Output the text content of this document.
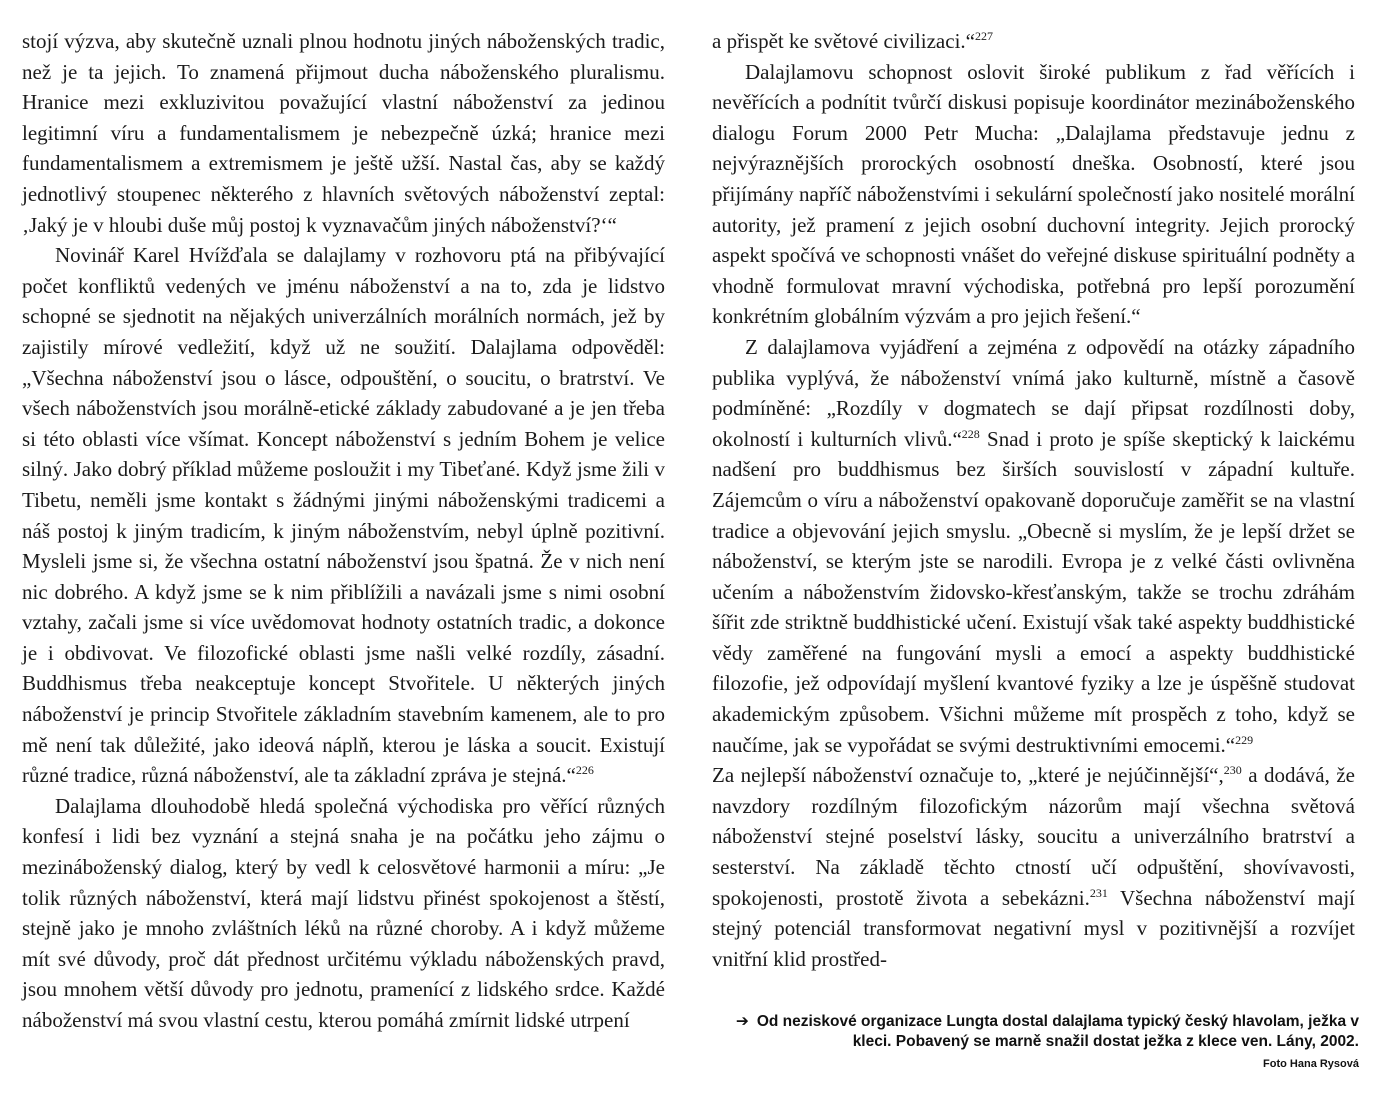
stojí výzva, aby skutečně uznali plnou hodnotu jiných náboženských tradic, než je ta jejich. To znamená přijmout ducha náboženského pluralismu. Hranice mezi exkluzivitou považující vlastní náboženství za jedinou legitimní víru a fundamentalismem je nebezpečně úzká; hranice mezi fundamentalismem a extremismem je ještě užší. Nastal čas, aby se každý jednotlivý stoupenec některého z hlavních světových náboženství zeptal: ‚Jaký je v hloubi duše můj postoj k vyznavačům jiných náboženství?‘“

Novinář Karel Hvížďala se dalajlamy v rozhovoru ptá na přibývající počet konfliktů vedených ve jménu náboženství a na to, zda je lidstvo schopné se sjednotit na nějakých univerzálních morálních normách, jež by zajistily mírové vedležití, když už ne soužití. Dalajlama odpověděl: „Všechna náboženství jsou o lásce, odpouštění, o soucitu, o bratrství. Ve všech náboženstvích jsou morálně-etické základy zabudované a je jen třeba si této oblasti více všímat. Koncept náboženství s jedním Bohem je velice silný. Jako dobrý příklad můžeme posloužit i my Tibeťané. Když jsme žili v Tibetu, neměli jsme kontakt s žádnými jinými náboženskými tradicemi a náš postoj k jiným tradicím, k jiným náboženstvím, nebyl úplně pozitivní. Mysleli jsme si, že všechna ostatní náboženství jsou špatná. Že v nich není nic dobrého. A když jsme se k nim přiblížili a navázali jsme s nimi osobní vztahy, začali jsme si více uvědomovat hodnoty ostatních tradic, a dokonce je i obdivovat. Ve filozofické oblasti jsme našli velké rozdíly, zásadní. Buddhismus třeba neakceptuje koncept Stvořitele. U některých jiných náboženství je princip Stvořitele základním stavebním kamenem, ale to pro mě není tak důležité, jako ideová náplň, kterou je láska a soucit. Existují různé tradice, různá náboženství, ale ta základní zpráva je stejná.“$^{226}$

Dalajlama dlouhodobě hledá společná východiska pro věřící různých konfesí i lidi bez vyznání a stejná snaha je na počátku jeho zájmu o mezináboženský dialog, který by vedl k celosvětové harmonii a míru: „Je tolik různých náboženství, která mají lidstvu přinést spokojenost a štěstí, stejně jako je mnoho zvláštních léků na různé choroby. A i když můžeme mít své důvody, proč dát přednost určitému výkladu náboženských pravd, jsou mnohem větší důvody pro jednotu, pramenící z lidského srdce. Každé náboženství má svou vlastní cestu, kterou pomáhá zmírnit lidské utrpení

a přispět ke světové civilizaci.“$^{227}$

Dalajlamovu schopnost oslovit široké publikum z řad věřících i nevěřících a podnítit tvůrčí diskusi popisuje koordinátor mezináboženského dialogu Forum 2000 Petr Mucha: „Dalajlama představuje jednu z nejvýraznějších prorockých osobností dneška. Osobností, které jsou přijímány napříč náboženstvími i sekulární společností jako nositelé morální autority, jež pramení z jejich osobní duchovní integrity. Jejich prorocký aspekt spočívá ve schopnosti vnášet do veřejné diskuse spirituální podněty a vhodně formulovat mravní východiska, potřebná pro lepší porozumění konkrétním globálním výzvám a pro jejich řešení.“

Z dalajlamova vyjádření a zejména z odpovědí na otázky západního publika vyplývá, že náboženství vnímá jako kulturně, místně a časově podmíněné: „Rozdíly v dogmatech se dají připsat rozdílnosti doby, okolností i kulturních vlivů.“$^{228}$ Snad i proto je spíše skeptický k laickému nadšení pro buddhismus bez širších souvislostí v západní kultuře. Zájemcům o víru a náboženství opakovaně doporučuje zaměřit se na vlastní tradice a objevování jejich smyslu. „Obecně si myslím, že je lepší držet se náboženství, se kterým jste se narodili. Evropa je z velké části ovlivněna učením a náboženstvím židovsko-křesťanským, takže se trochu zdráhám šířit zde striktně buddhistické učení. Existují však také aspekty buddhistické vědy zaměřené na fungování mysli a emocí a aspekty buddhistické filozofie, jež odpovídají myšlení kvantové fyziky a lze je úspěšně studovat akademickým způsobem. Všichni můžeme mít prospěch z toho, když se naučíme, jak se vypořádat se svými destruktivními emocemi.“$^{229}$

Za nejlepší náboženství označuje to, „které je nejúčinnější“,$^{230}$ a dodává, že navzdory rozdílným filozofickým názorům mají všechna světová náboženství stejné poselství lásky, soucitu a univerzálního bratrství a sesterství. Na základě těchto ctností učí odpuštění, shovívavosti, spokojenosti, prostotě života a sebekázni.$^{231}$ Všechna náboženství mají stejný potenciál transformovat negativní mysl v pozitivnější a rozvíjet vnitřní klid prostřed-

➔ Od neziskové organizace Lungta dostal dalajlama typický český hlavolam, ježka v kleci. Pobavený se marně snažil dostat ježka z klece ven. Lány, 2002.
Foto Hana Rysová
